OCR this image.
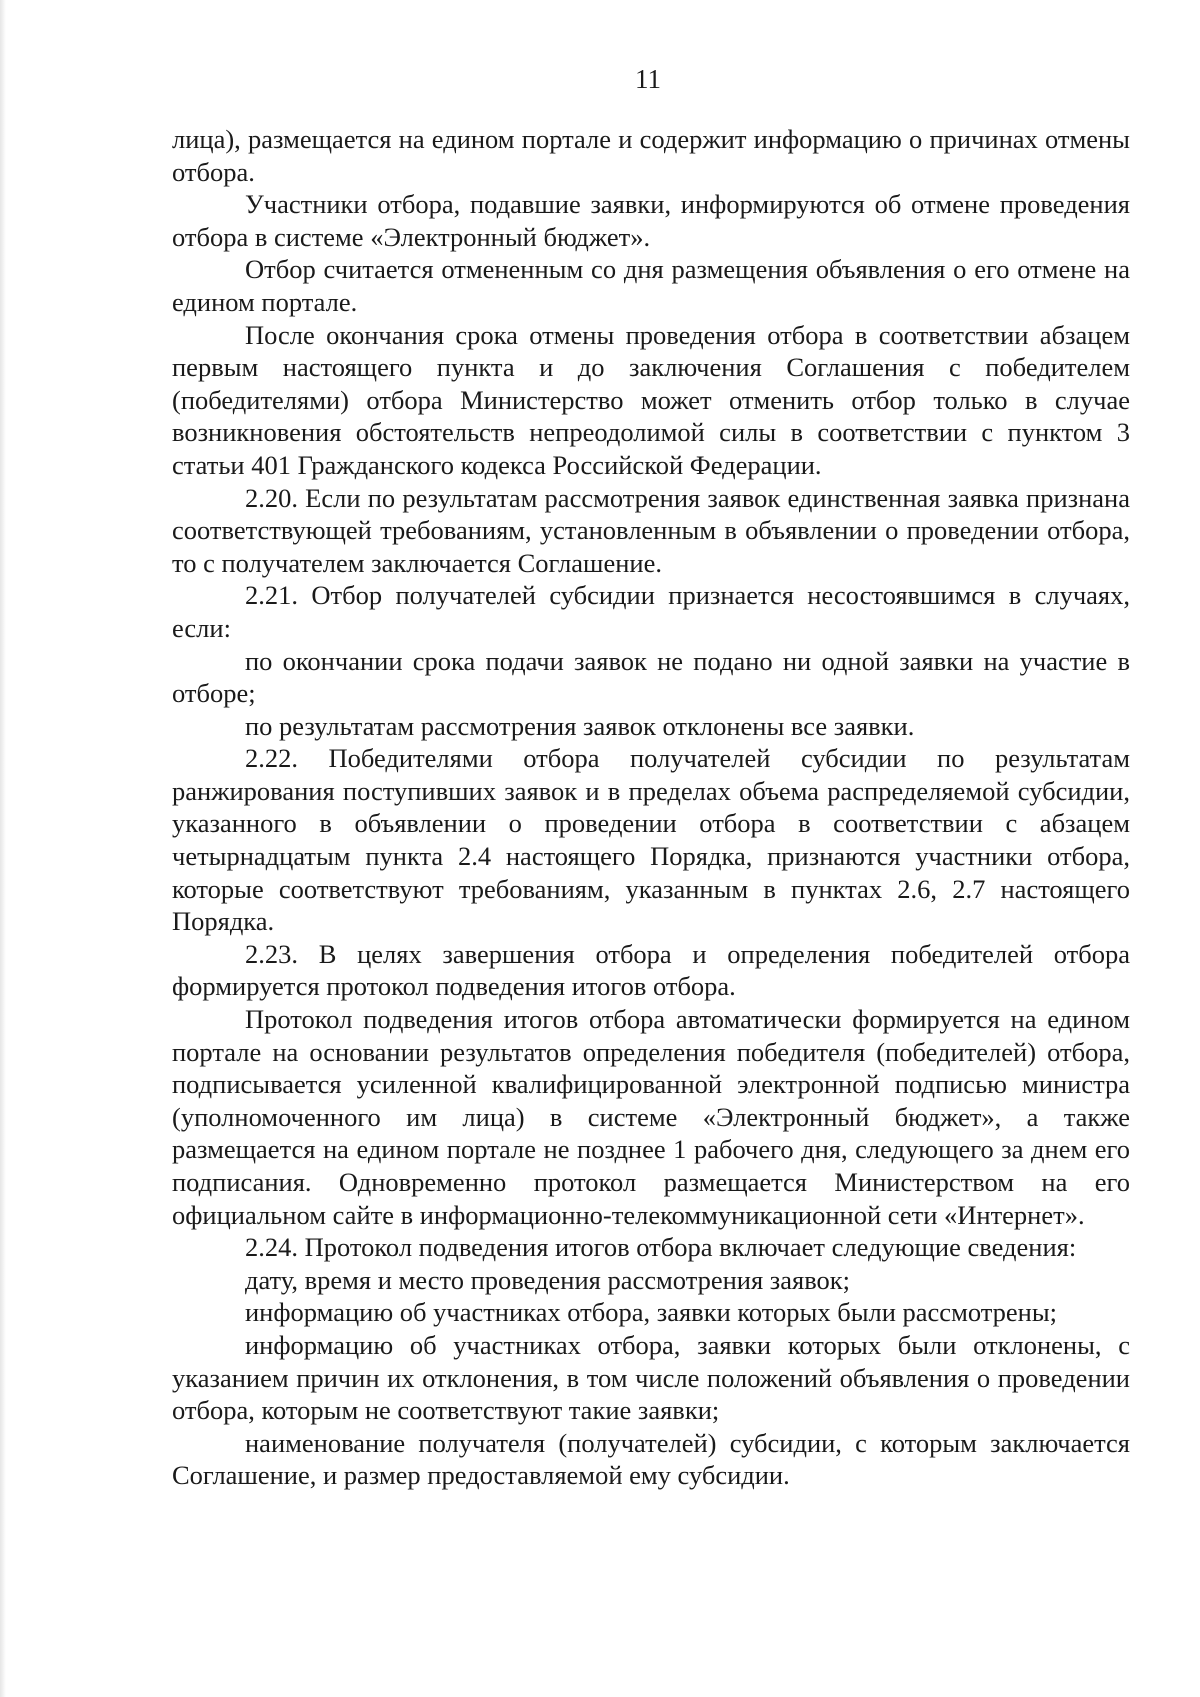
11

лица), размещается на едином портале и содержит информацию о причинах отмены отбора.

Участники отбора, подавшие заявки, информируются об отмене проведения отбора в системе «Электронный бюджет».

Отбор считается отмененным со дня размещения объявления о его отмене на едином портале.

После окончания срока отмены проведения отбора в соответствии абзацем первым настоящего пункта и до заключения Соглашения с победителем (победителями) отбора Министерство может отменить отбор только в случае возникновения обстоятельств непреодолимой силы в соответствии с пунктом 3 статьи 401 Гражданского кодекса Российской Федерации.

2.20. Если по результатам рассмотрения заявок единственная заявка признана соответствующей требованиям, установленным в объявлении о проведении отбора, то с получателем заключается Соглашение.

2.21. Отбор получателей субсидии признается несостоявшимся в случаях, если:

по окончании срока подачи заявок не подано ни одной заявки на участие в отборе;

по результатам рассмотрения заявок отклонены все заявки.

2.22. Победителями отбора получателей субсидии по результатам ранжирования поступивших заявок и в пределах объема распределяемой субсидии, указанного в объявлении о проведении отбора в соответствии с абзацем четырнадцатым пункта 2.4 настоящего Порядка, признаются участники отбора, которые соответствуют требованиям, указанным в пунктах 2.6, 2.7 настоящего Порядка.

2.23. В целях завершения отбора и определения победителей отбора формируется протокол подведения итогов отбора.

Протокол подведения итогов отбора автоматически формируется на едином портале на основании результатов определения победителя (победителей) отбора, подписывается усиленной квалифицированной электронной подписью министра (уполномоченного им лица) в системе «Электронный бюджет», а также размещается на едином портале не позднее 1 рабочего дня, следующего за днем его подписания. Одновременно протокол размещается Министерством на его официальном сайте в информационно-телекоммуникационной сети «Интернет».

2.24. Протокол подведения итогов отбора включает следующие сведения:

дату, время и место проведения рассмотрения заявок;

информацию об участниках отбора, заявки которых были рассмотрены;

информацию об участниках отбора, заявки которых были отклонены, с указанием причин их отклонения, в том числе положений объявления о проведении отбора, которым не соответствуют такие заявки;

наименование получателя (получателей) субсидии, с которым заключается Соглашение, и размер предоставляемой ему субсидии.
